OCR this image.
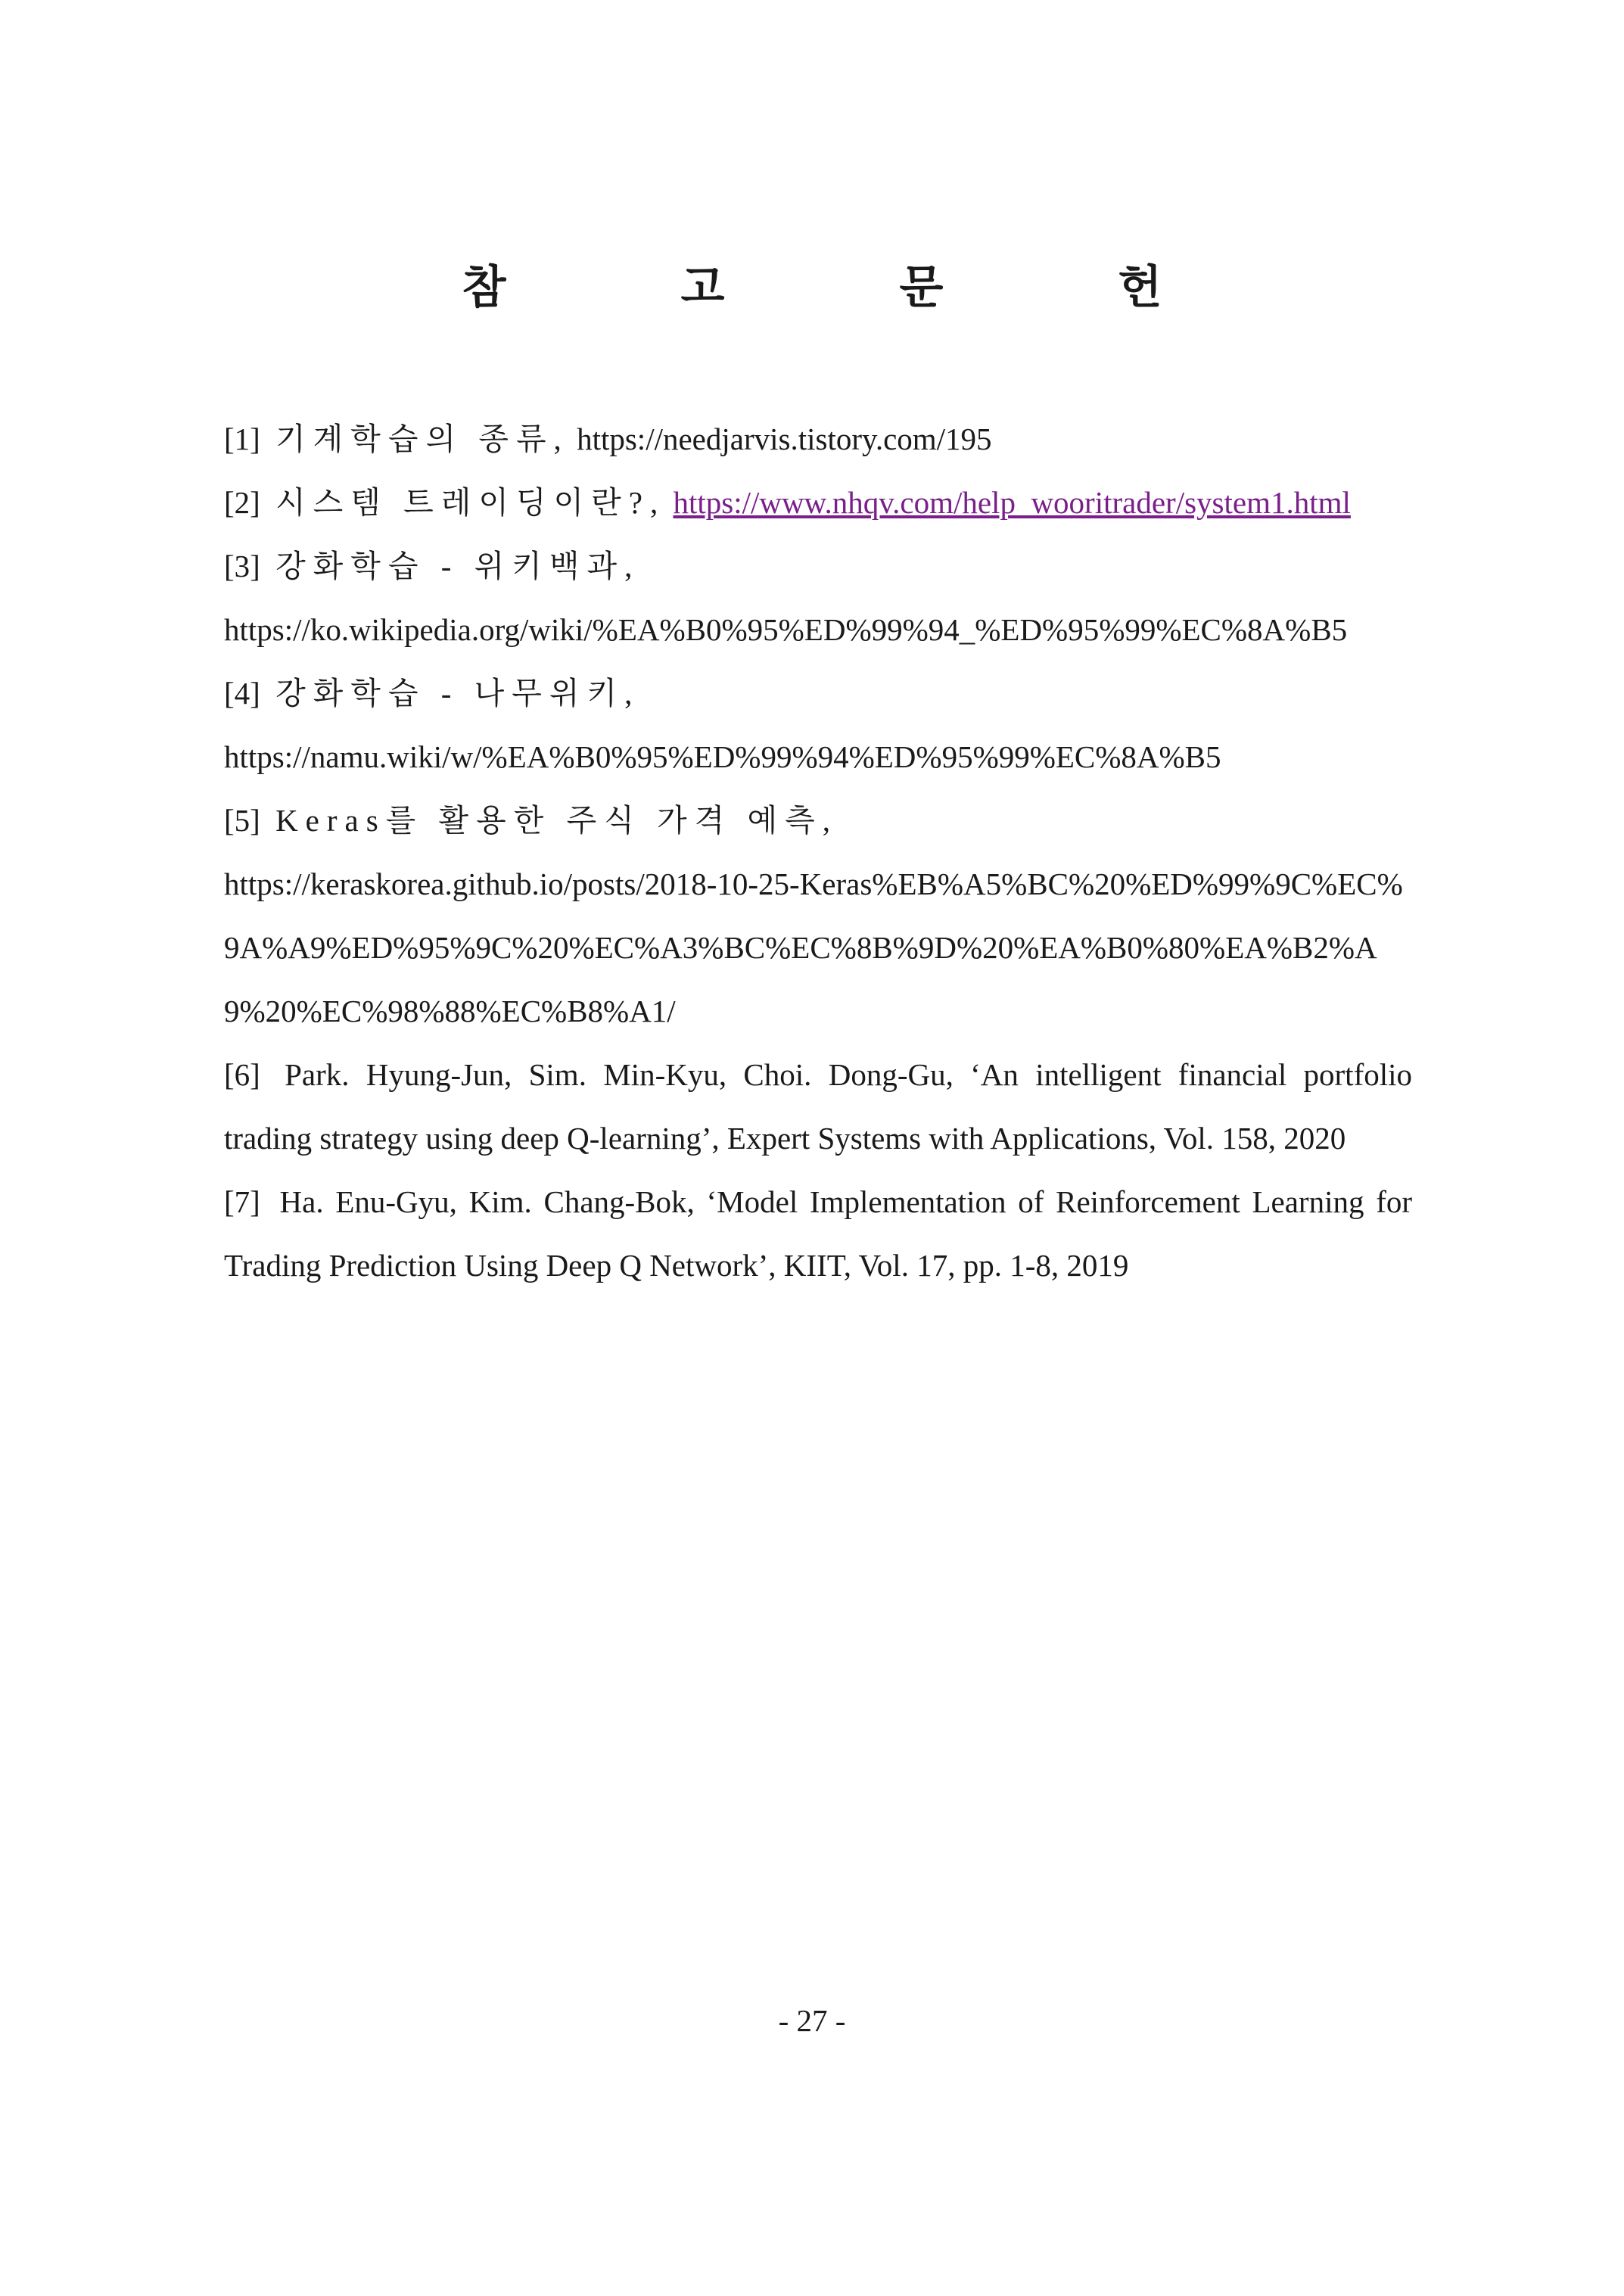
참 고 문 헌

[1] 기계학습의 종류, https://needjarvis.tistory.com/195

[2] 시스템 트레이딩이란?, https://www.nhqv.com/help_wooritrader/system1.html

[3] 강화학습 - 위키백과,
https://ko.wikipedia.org/wiki/%EA%B0%95%ED%99%94_%ED%95%99%EC%8A%B5

[4] 강화학습 - 나무위키,
https://namu.wiki/w/%EA%B0%95%ED%99%94%ED%95%99%EC%8A%B5

[5] Keras를 활용한 주식 가격 예측,
https://keraskorea.github.io/posts/2018-10-25-Keras%EB%A5%BC%20%ED%99%9C%EC%9A%A9%ED%95%9C%20%EC%A3%BC%EC%8B%9D%20%EA%B0%80%EA%B2%A9%20%EC%98%88%EC%B8%A1/

[6] Park. Hyung-Jun, Sim. Min-Kyu, Choi. Dong-Gu, ‘An intelligent financial portfolio trading strategy using deep Q-learning’, Expert Systems with Applications, Vol. 158, 2020

[7] Ha. Enu-Gyu, Kim. Chang-Bok, ‘Model Implementation of Reinforcement Learning for Trading Prediction Using Deep Q Network’, KIIT, Vol. 17, pp. 1-8, 2019

- 27 -
